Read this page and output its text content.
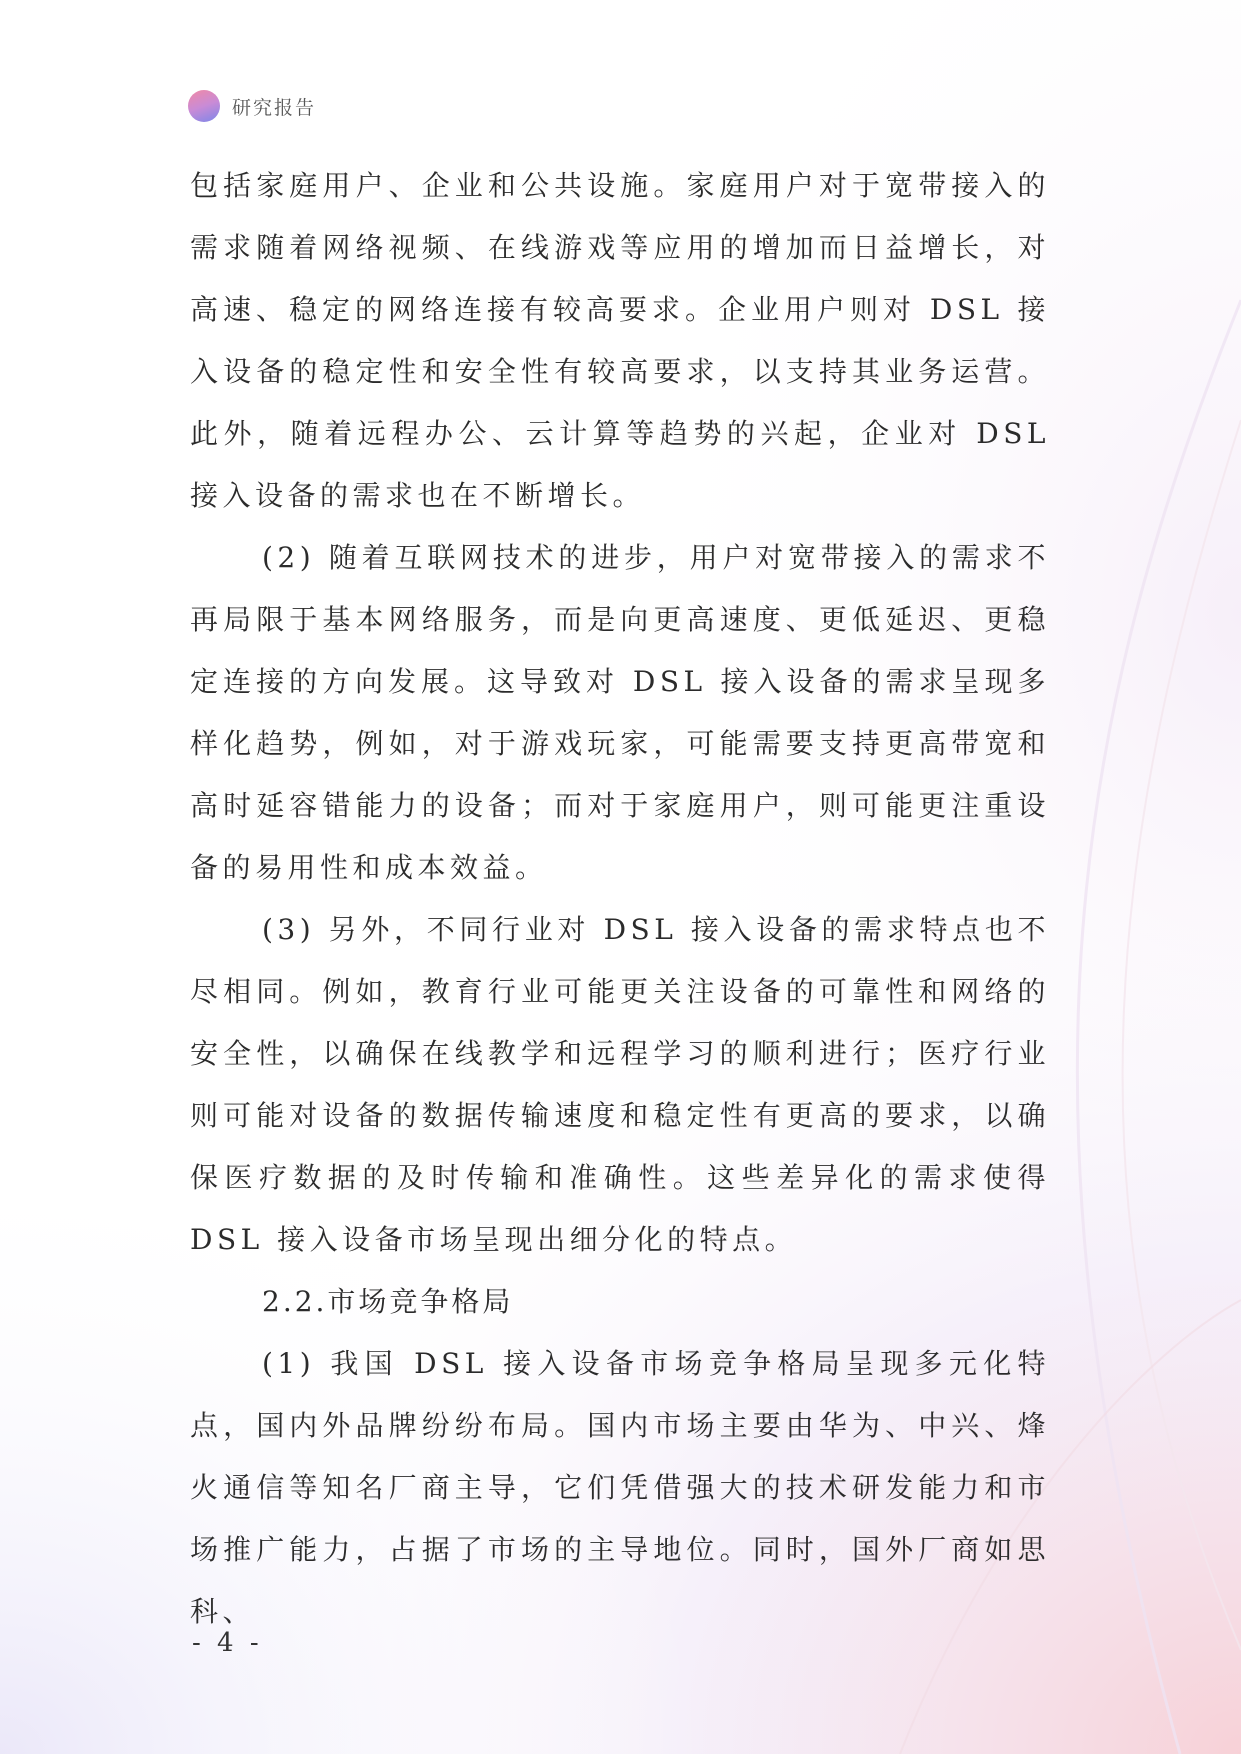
研究报告

包括家庭用户、企业和公共设施。家庭用户对于宽带接入的需求随着网络视频、在线游戏等应用的增加而日益增长，对高速、稳定的网络连接有较高要求。企业用户则对 DSL 接入设备的稳定性和安全性有较高要求，以支持其业务运营。此外，随着远程办公、云计算等趋势的兴起，企业对 DSL 接入设备的需求也在不断增长。

(2) 随着互联网技术的进步，用户对宽带接入的需求不再局限于基本网络服务，而是向更高速度、更低延迟、更稳定连接的方向发展。这导致对 DSL 接入设备的需求呈现多样化趋势，例如，对于游戏玩家，可能需要支持更高带宽和高时延容错能力的设备；而对于家庭用户，则可能更注重设备的易用性和成本效益。

(3) 另外，不同行业对 DSL 接入设备的需求特点也不尽相同。例如，教育行业可能更关注设备的可靠性和网络的安全性，以确保在线教学和远程学习的顺利进行；医疗行业则可能对设备的数据传输速度和稳定性有更高的要求，以确保医疗数据的及时传输和准确性。这些差异化的需求使得 DSL 接入设备市场呈现出细分化的特点。

2.2.市场竞争格局

(1) 我国 DSL 接入设备市场竞争格局呈现多元化特点，国内外品牌纷纷布局。国内市场主要由华为、中兴、烽火通信等知名厂商主导，它们凭借强大的技术研发能力和市场推广能力，占据了市场的主导地位。同时，国外厂商如思科、

- 4 -
